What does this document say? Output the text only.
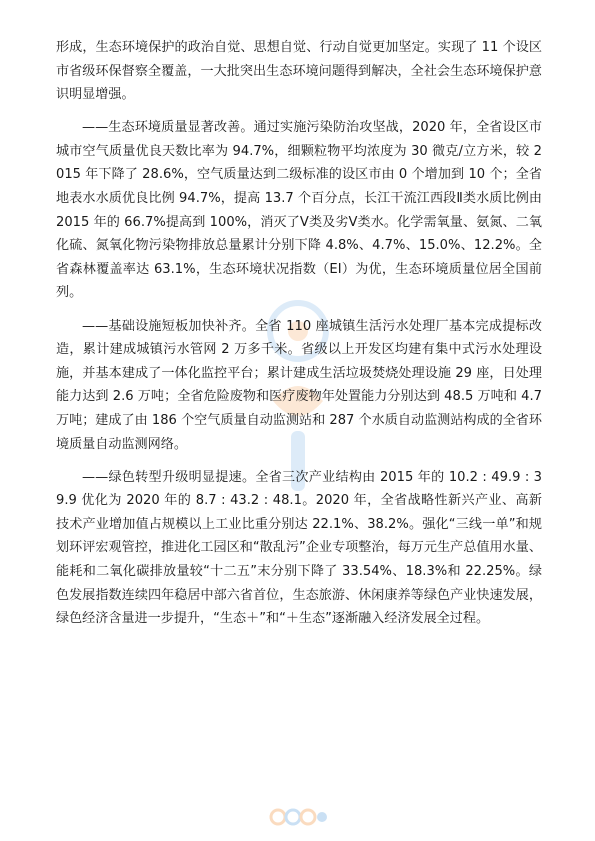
形成，生态环境保护的政治自觉、思想自觉、行动自觉更加坚定。实现了 11 个设区市省级环保督察全覆盖，一大批突出生态环境问题得到解决，全社会生态环境保护意识明显增强。

——生态环境质量显著改善。通过实施污染防治攻坚战，2020 年，全省设区市城市空气质量优良天数比率为 94.7%，细颗粒物平均浓度为 30 微克/立方米，较 2015 年下降了 28.6%，空气质量达到二级标准的设区市由 0 个增加到 10 个；全省地表水水质优良比例 94.7%，提高 13.7 个百分点，长江干流江西段Ⅱ类水质比例由 2015 年的 66.7%提高到 100%，消灭了Ⅴ类及劣Ⅴ类水。化学需氧量、氨氮、二氧化硫、氮氧化物污染物排放总量累计分别下降 4.8%、4.7%、15.0%、12.2%。全省森林覆盖率达 63.1%，生态环境状况指数（EI）为优，生态环境质量位居全国前列。

——基础设施短板加快补齐。全省 110 座城镇生活污水处理厂基本完成提标改造，累计建成城镇污水管网 2 万多千米。省级以上开发区均建有集中式污水处理设施，并基本建成了一体化监控平台；累计建成生活垃圾焚烧处理设施 29 座，日处理能力达到 2.6 万吨；全省危险废物和医疗废物年处置能力分别达到 48.5 万吨和 4.7 万吨；建成了由 186 个空气质量自动监测站和 287 个水质自动监测站构成的全省环境质量自动监测网络。

——绿色转型升级明显提速。全省三次产业结构由 2015 年的 10.2 : 49.9 : 39.9 优化为 2020 年的 8.7 : 43.2 : 48.1。2020 年，全省战略性新兴产业、高新技术产业增加值占规模以上工业比重分别达 22.1%、38.2%。强化“三线一单”和规划环评宏观管控，推进化工园区和“散乱污”企业专项整治，每万元生产总值用水量、能耗和二氧化碳排放量较“十二五”末分别下降了 33.54%、18.3%和 22.25%。绿色发展指数连续四年稳居中部六省首位，生态旅游、休闲康养等绿色产业快速发展，绿色经济含量进一步提升，“生态＋”和“＋生态”逐渐融入经济发展全过程。
